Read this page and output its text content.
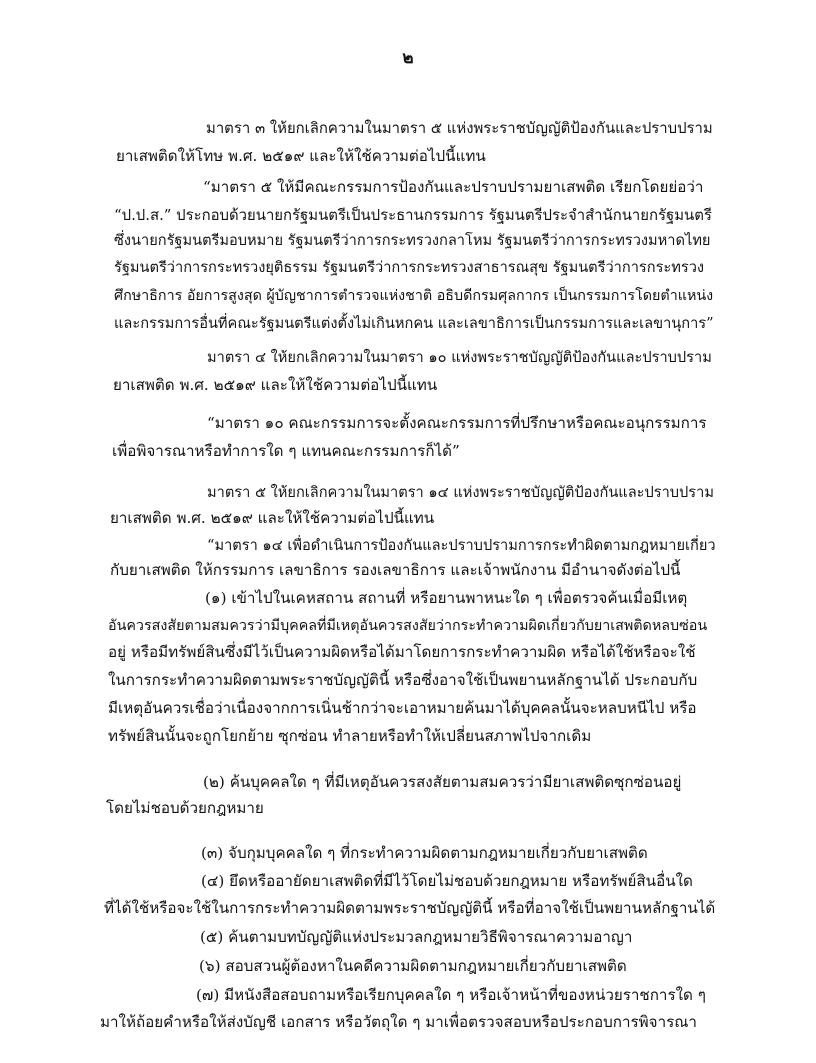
๒
มาตรา ๓ ให้ยกเลิกความในมาตรา ๕ แห่งพระราชบัญญัติป้องกันและปราบปราม
ยาเสพติดให้โทษ พ.ศ. ๒๕๑๙ และให้ใช้ความต่อไปนี้แทน
“มาตรา ๕ ให้มีคณะกรรมการป้องกันและปราบปรามยาเสพติด เรียกโดยย่อว่า
“ป.ป.ส.” ประกอบด้วยนายกรัฐมนตรีเป็นประธานกรรมการ รัฐมนตรีประจำสำนักนายกรัฐมนตรี
ซึ่งนายกรัฐมนตรีมอบหมาย รัฐมนตรีว่าการกระทรวงกลาโหม รัฐมนตรีว่าการกระทรวงมหาดไทย
รัฐมนตรีว่าการกระทรวงยุติธรรม รัฐมนตรีว่าการกระทรวงสาธารณสุข รัฐมนตรีว่าการกระทรวง
ศึกษาธิการ อัยการสูงสุด ผู้บัญชาการตำรวจแห่งชาติ อธิบดีกรมศุลกากร เป็นกรรมการโดยตำแหน่ง
และกรรมการอื่นที่คณะรัฐมนตรีแต่งตั้งไม่เกินหกคน และเลขาธิการเป็นกรรมการและเลขานุการ”
มาตรา ๔ ให้ยกเลิกความในมาตรา ๑๐ แห่งพระราชบัญญัติป้องกันและปราบปราม
ยาเสพติด พ.ศ. ๒๕๑๙ และให้ใช้ความต่อไปนี้แทน
“มาตรา ๑๐ คณะกรรมการจะตั้งคณะกรรมการที่ปรึกษาหรือคณะอนุกรรมการ
เพื่อพิจารณาหรือทำการใด ๆ แทนคณะกรรมการก็ได้”
มาตรา ๕ ให้ยกเลิกความในมาตรา ๑๔ แห่งพระราชบัญญัติป้องกันและปราบปราม
ยาเสพติด พ.ศ. ๒๕๑๙ และให้ใช้ความต่อไปนี้แทน
“มาตรา ๑๔ เพื่อดำเนินการป้องกันและปราบปรามการกระทำผิดตามกฎหมายเกี่ยว
กับยาเสพติด ให้กรรมการ เลขาธิการ รองเลขาธิการ และเจ้าพนักงาน มีอำนาจดังต่อไปนี้
(๑) เข้าไปในเคหสถาน สถานที่ หรือยานพาหนะใด ๆ เพื่อตรวจค้นเมื่อมีเหตุ
อันควรสงสัยตามสมควรว่ามีบุคคลที่มีเหตุอันควรสงสัยว่ากระทำความผิดเกี่ยวกับยาเสพติดหลบซ่อน
อยู่ หรือมีทรัพย์สินซึ่งมีไว้เป็นความผิดหรือได้มาโดยการกระทำความผิด หรือได้ใช้หรือจะใช้
ในการกระทำความผิดตามพระราชบัญญัตินี้ หรือซึ่งอาจใช้เป็นพยานหลักฐานได้ ประกอบกับ
มีเหตุอันควรเชื่อว่าเนื่องจากการเนิ่นช้ากว่าจะเอาหมายค้นมาได้บุคคลนั้นจะหลบหนีไป หรือ
ทรัพย์สินนั้นจะถูกโยกย้าย ซุกซ่อน ทำลายหรือทำให้เปลี่ยนสภาพไปจากเดิม
(๒) ค้นบุคคลใด ๆ ที่มีเหตุอันควรสงสัยตามสมควรว่ามียาเสพติดซุกซ่อนอยู่
โดยไม่ชอบด้วยกฎหมาย
(๓) จับกุมบุคคลใด ๆ ที่กระทำความผิดตามกฎหมายเกี่ยวกับยาเสพติด
(๔) ยึดหรืออายัดยาเสพติดที่มีไว้โดยไม่ชอบด้วยกฎหมาย หรือทรัพย์สินอื่นใด
ที่ได้ใช้หรือจะใช้ในการกระทำความผิดตามพระราชบัญญัตินี้ หรือที่อาจใช้เป็นพยานหลักฐานได้
(๕) ค้นตามบทบัญญัติแห่งประมวลกฎหมายวิธีพิจารณาความอาญา
(๖) สอบสวนผู้ต้องหาในคดีความผิดตามกฎหมายเกี่ยวกับยาเสพติด
(๗) มีหนังสือสอบถามหรือเรียกบุคคลใด ๆ หรือเจ้าหน้าที่ของหน่วยราชการใด ๆ
มาให้ถ้อยคำหรือให้ส่งบัญชี เอกสาร หรือวัตถุใด ๆ มาเพื่อตรวจสอบหรือประกอบการพิจารณา
